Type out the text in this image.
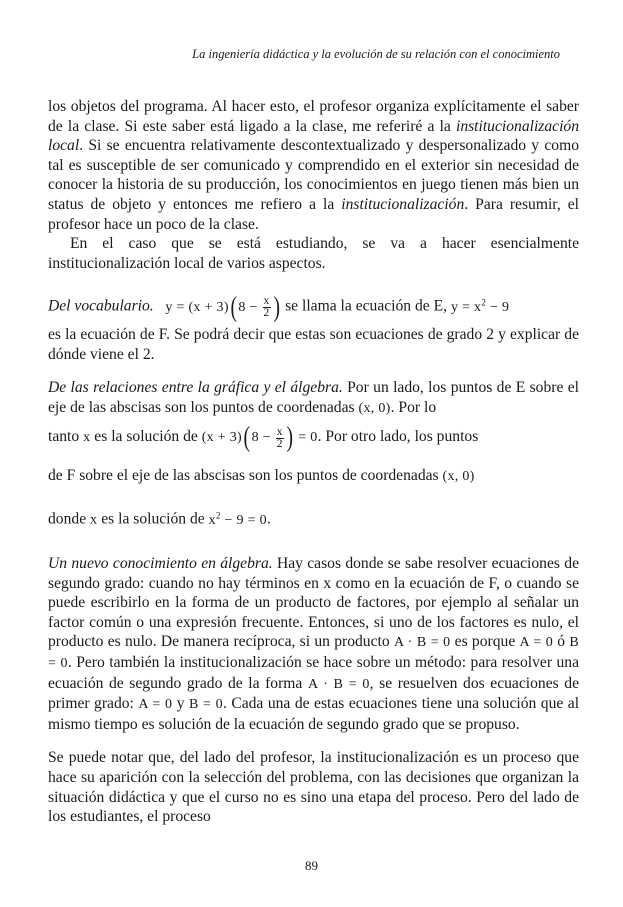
La ingeniería didáctica y la evolución de su relación con el conocimiento

los objetos del programa. Al hacer esto, el profesor organiza explícitamente el saber de la clase. Si este saber está ligado a la clase, me referiré a la institucionalización local. Si se encuentra relativamente descontextualizado y despersonalizado y como tal es susceptible de ser comunicado y comprendido en el exterior sin necesidad de conocer la historia de su producción, los conocimientos en juego tienen más bien un status de objeto y entonces me refiero a la institucionalización. Para resumir, el profesor hace un poco de la clase.

En el caso que se está estudiando, se va a hacer esencialmente institucionalización local de varios aspectos.

Del vocabulario. $y = (x + 3)(8 - \frac{x}{2}$ ) se llama la ecuación de E, $y = x^2 - 9$

es la ecuación de F. Se podrá decir que estas son ecuaciones de grado 2 y explicar de dónde viene el 2.

De las relaciones entre la gráfica y el álgebra. Por un lado, los puntos de E sobre el eje de las abscisas son los puntos de coordenadas (x, 0). Por lo

tanto x es la solución de $(x + 3)(8 - \frac{x}{2}$ ) = 0. Por otro lado, los puntos

de F sobre el eje de las abscisas son los puntos de coordenadas (x, 0)

donde x es la solución de $x^2 - 9 = 0$.

Un nuevo conocimiento en álgebra. Hay casos donde se sabe resolver ecuaciones de segundo grado: cuando no hay términos en x como en la ecuación de F, o cuando se puede escribirlo en la forma de un producto de factores, por ejemplo al señalar un factor común o una expresión frecuente. Entonces, si uno de los factores es nulo, el producto es nulo. De manera recíproca, si un producto A · B = 0 es porque A = 0 ó B = 0. Pero también la institucionalización se hace sobre un método: para resolver una ecuación de segundo grado de la forma A · B = 0, se resuelven dos ecuaciones de primer grado: A = 0 y B = 0. Cada una de estas ecuaciones tiene una solución que al mismo tiempo es solución de la ecuación de segundo grado que se propuso.

Se puede notar que, del lado del profesor, la institucionalización es un proceso que hace su aparición con la selección del problema, con las decisiones que organizan la situación didáctica y que el curso no es sino una etapa del proceso. Pero del lado de los estudiantes, el proceso

89
